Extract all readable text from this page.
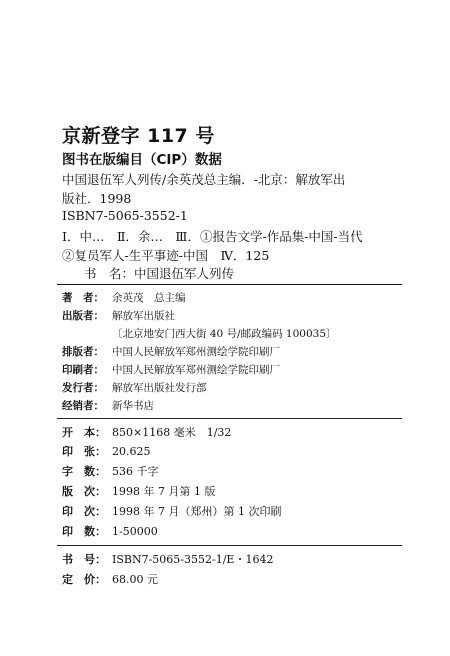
京新登字 117 号
图书在版编目（CIP）数据
中国退伍军人列传/余英茂总主编．-北京：解放军出
版社．1998
ISBN7-5065-3552-1
Ⅰ．中…　Ⅱ．余…　Ⅲ．①报告文学-作品集-中国-当代
②复员军人-生平事迹-中国　Ⅳ．125
书　名：中国退伍军人列传
著　者： 余英茂　总主编
出版者： 解放军出版社
〔北京地安门西大街 40 号/邮政编码 100035〕
排版者： 中国人民解放军郑州测绘学院印刷厂
印刷者： 中国人民解放军郑州测绘学院印刷厂
发行者： 解放军出版社发行部
经销者： 新华书店
开　本： 850×1168 毫米　1/32
印　张： 20.625
字　数： 536 千字
版　次： 1998 年 7 月第 1 版
印　次： 1998 年 7 月（郑州）第 1 次印刷
印　数： 1-50000
书　号： ISBN7-5065-3552-1/E・1642
定　价： 68.00 元
